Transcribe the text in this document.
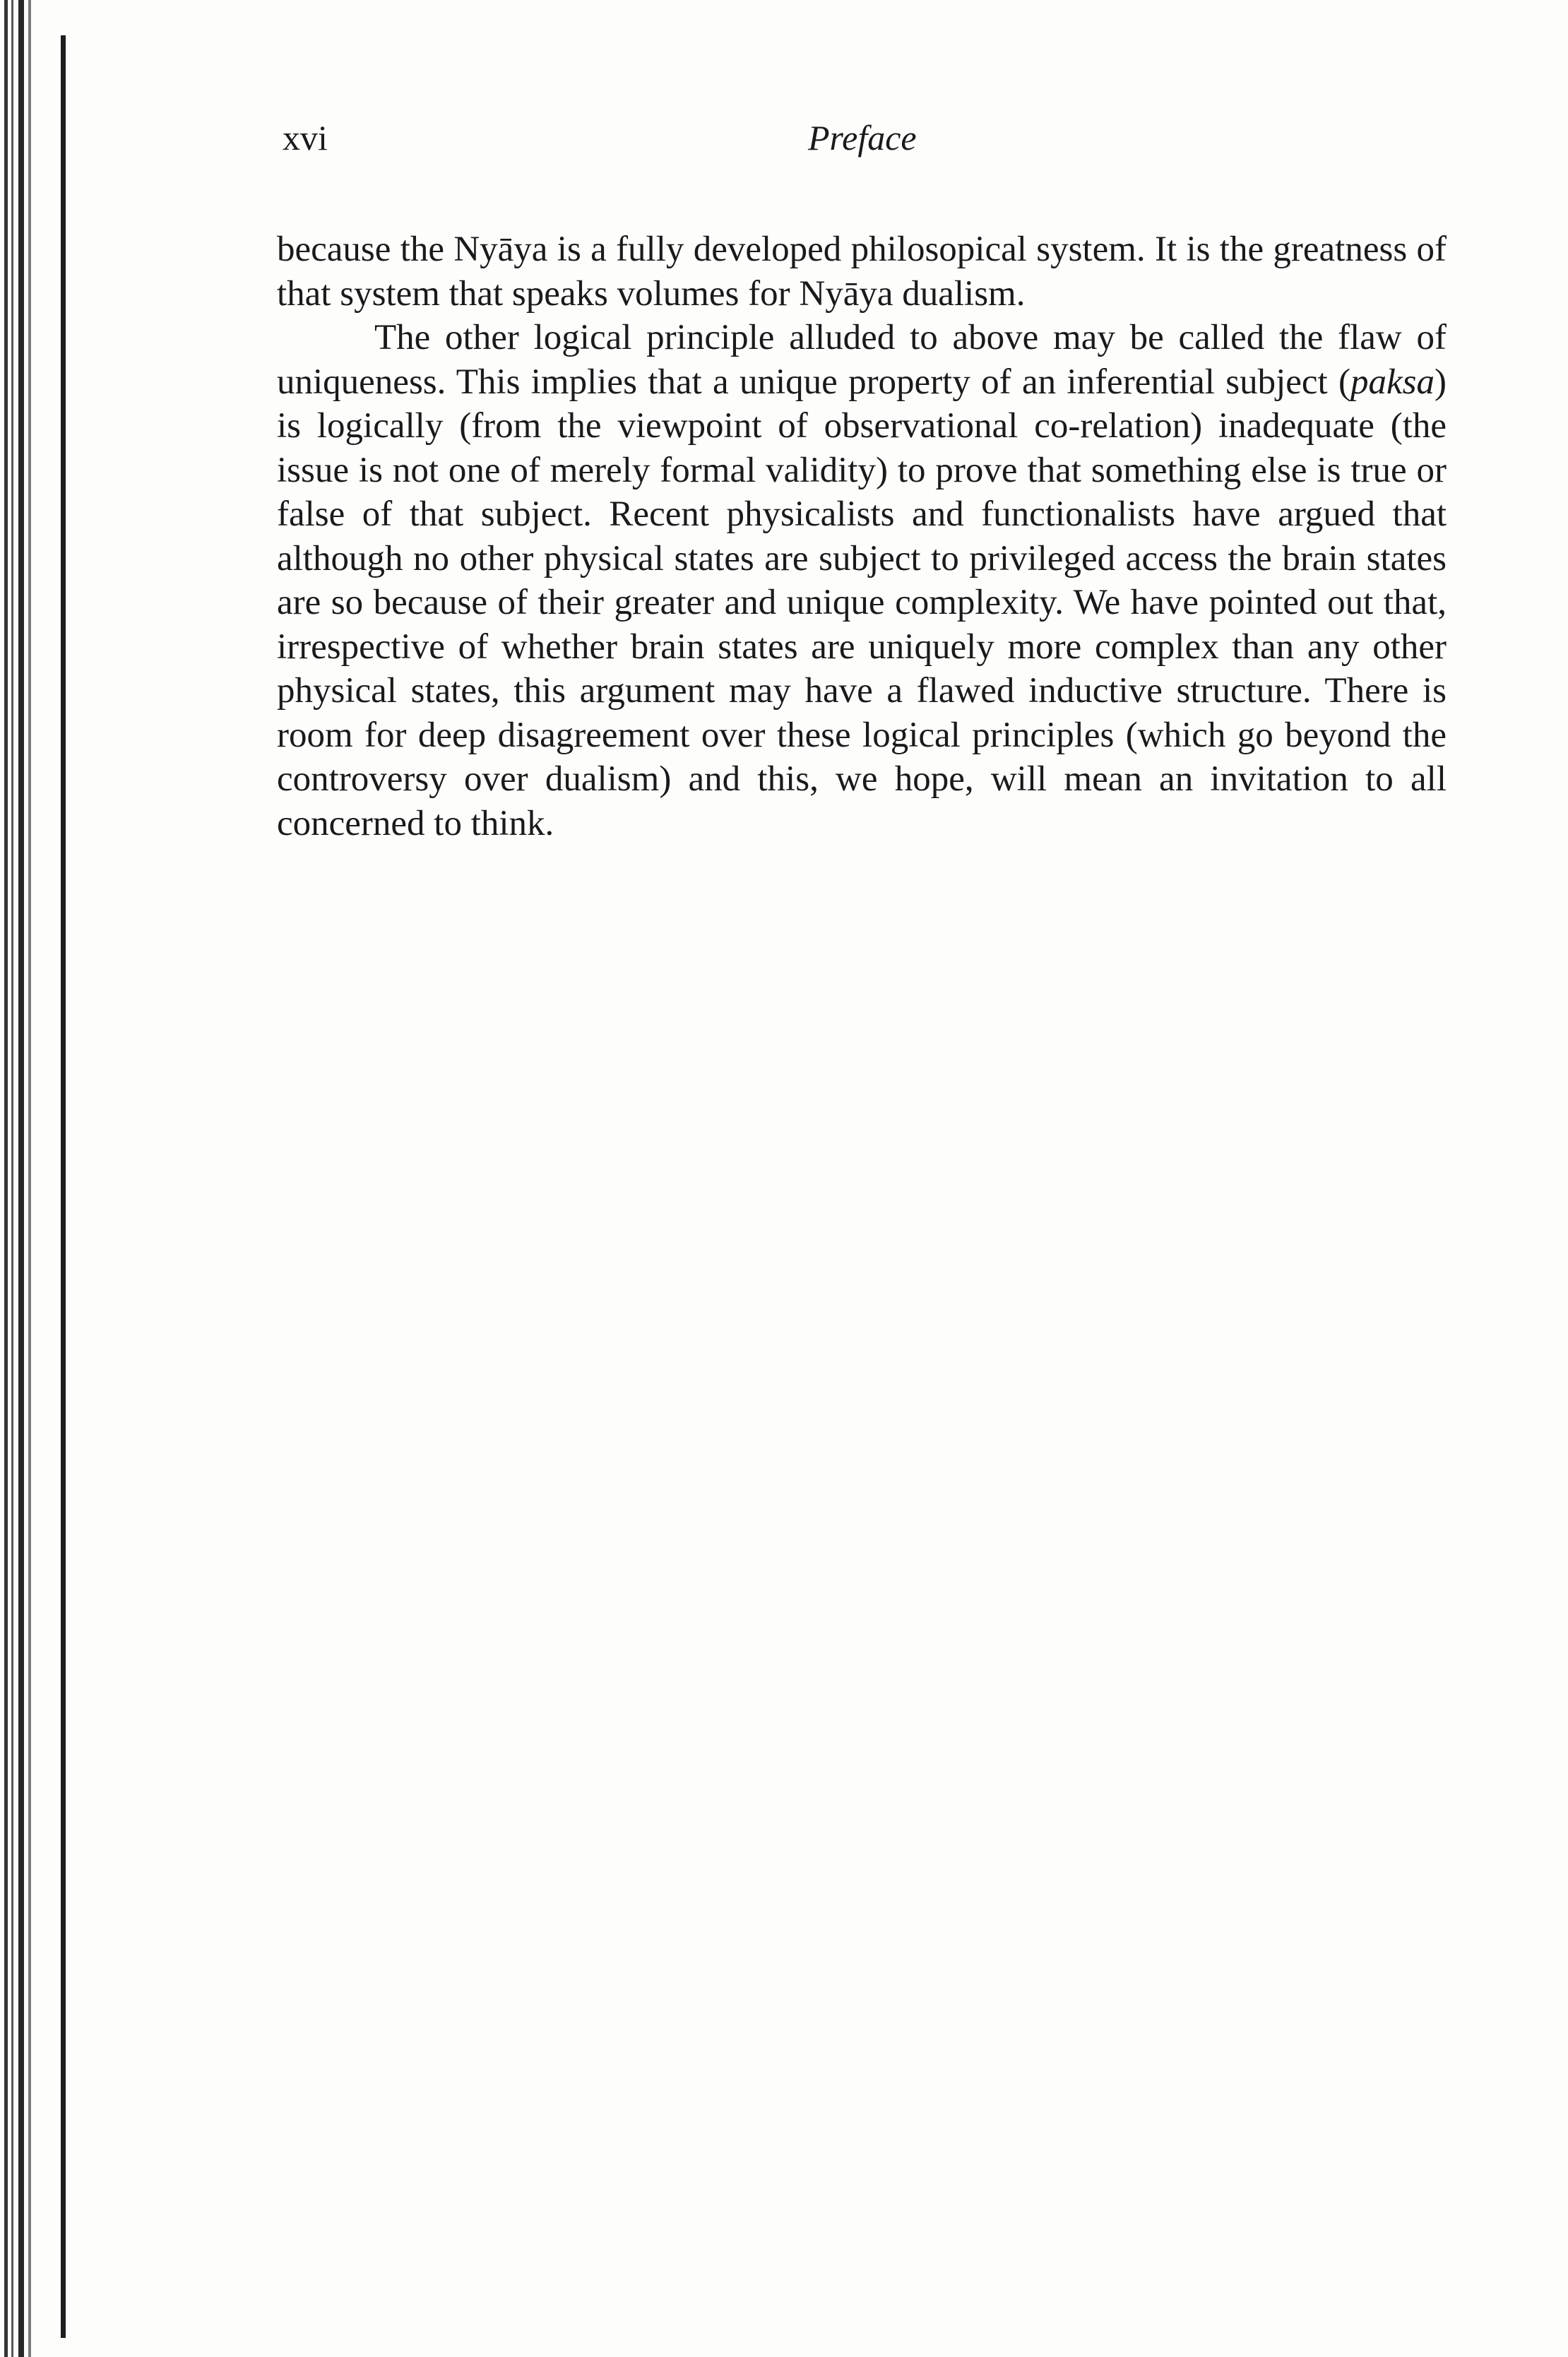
xvi	Preface

because the Nyāya is a fully developed philosopical system. It is the greatness of that system that speaks volumes for Nyāya dualism.

The other logical principle alluded to above may be called the flaw of uniqueness. This implies that a unique property of an inferential subject (paksa) is logically (from the viewpoint of observational co-relation) inadequate (the issue is not one of merely formal validity) to prove that something else is true or false of that subject. Recent physicalists and functionalists have argued that although no other physical states are subject to privileged access the brain states are so because of their greater and unique complexity. We have pointed out that, irrespective of whether brain states are uniquely more complex than any other physical states, this argument may have a flawed inductive structure. There is room for deep disagreement over these logical principles (which go beyond the controversy over dualism) and this, we hope, will mean an invitation to all concerned to think.
